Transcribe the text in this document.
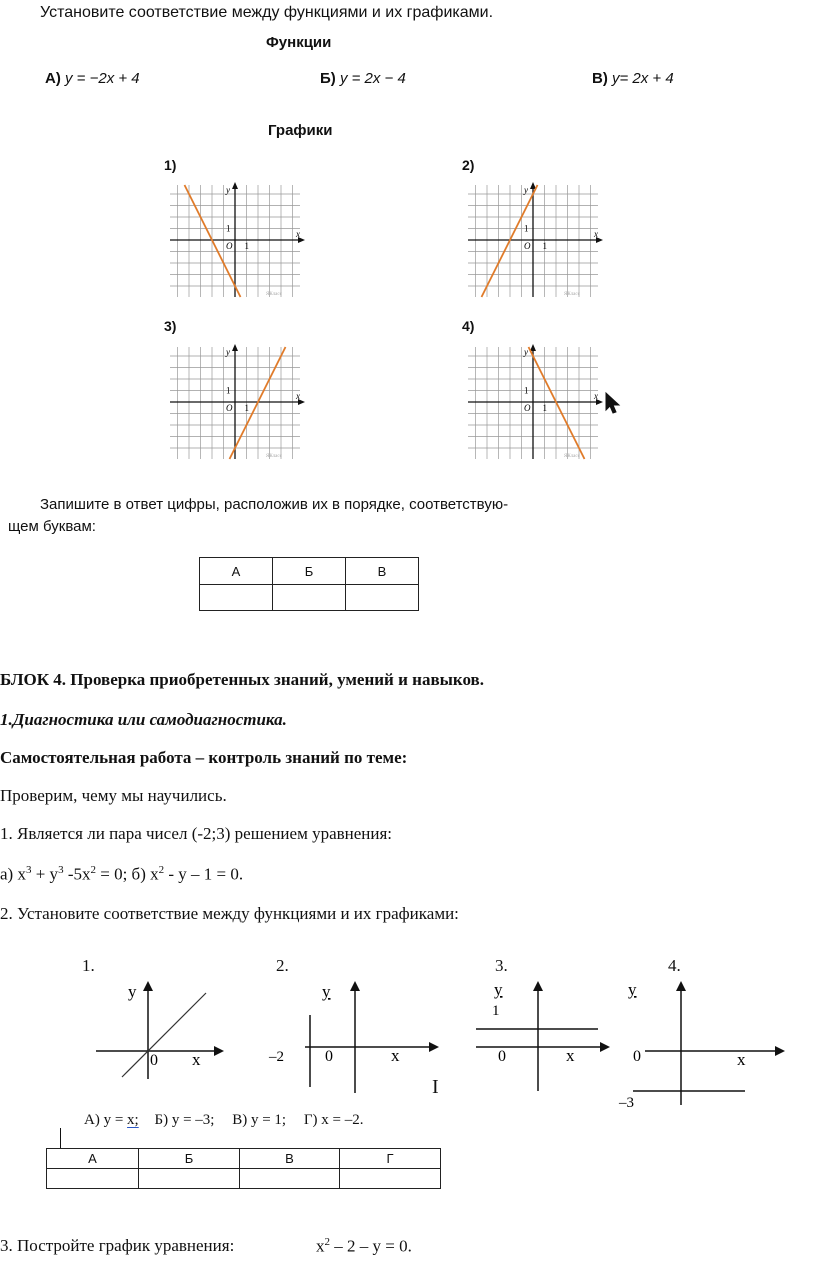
Установите соответствие между функциями и их графиками.
Функции
А) y = −2x + 4	Б) y = 2x − 4	В) y= 2x + 4
Графики
1)	2)
3)	4)
y
x
O
1
1
ЯКласс
y
x
O
1
1
ЯКласс
y
x
O
1
1
ЯКласс
y
x
O
1
1
ЯКласс
Запишите в ответ цифры, расположив их в порядке, соответствую-
щем буквам:
А	Б	В

БЛОК 4. Проверка приобретенных знаний, умений и навыков.
1.Диагностика или самодиагностика.
Самостоятельная работа – контроль знаний по теме:
Проверим, чему мы научились.
1. Является ли пара чисел (-2;3) решением уравнения:
а) $x^3 + y^3$ $-5x^2 = 0$; б) $x^2 - y - 1 = 0$.
2. Установите соответствие между функциями и их графиками:
1.	2.	3.	4.
у
0 x
y
–2	0	x
y
1
0	x
y
0	x
–3
I
А) у = х; Б) у = –3; В) у = 1; Г) х = –2.
А	Б	В	Г

3. Постройте график уравнения:	$x^2 - 2 - y = 0$.
